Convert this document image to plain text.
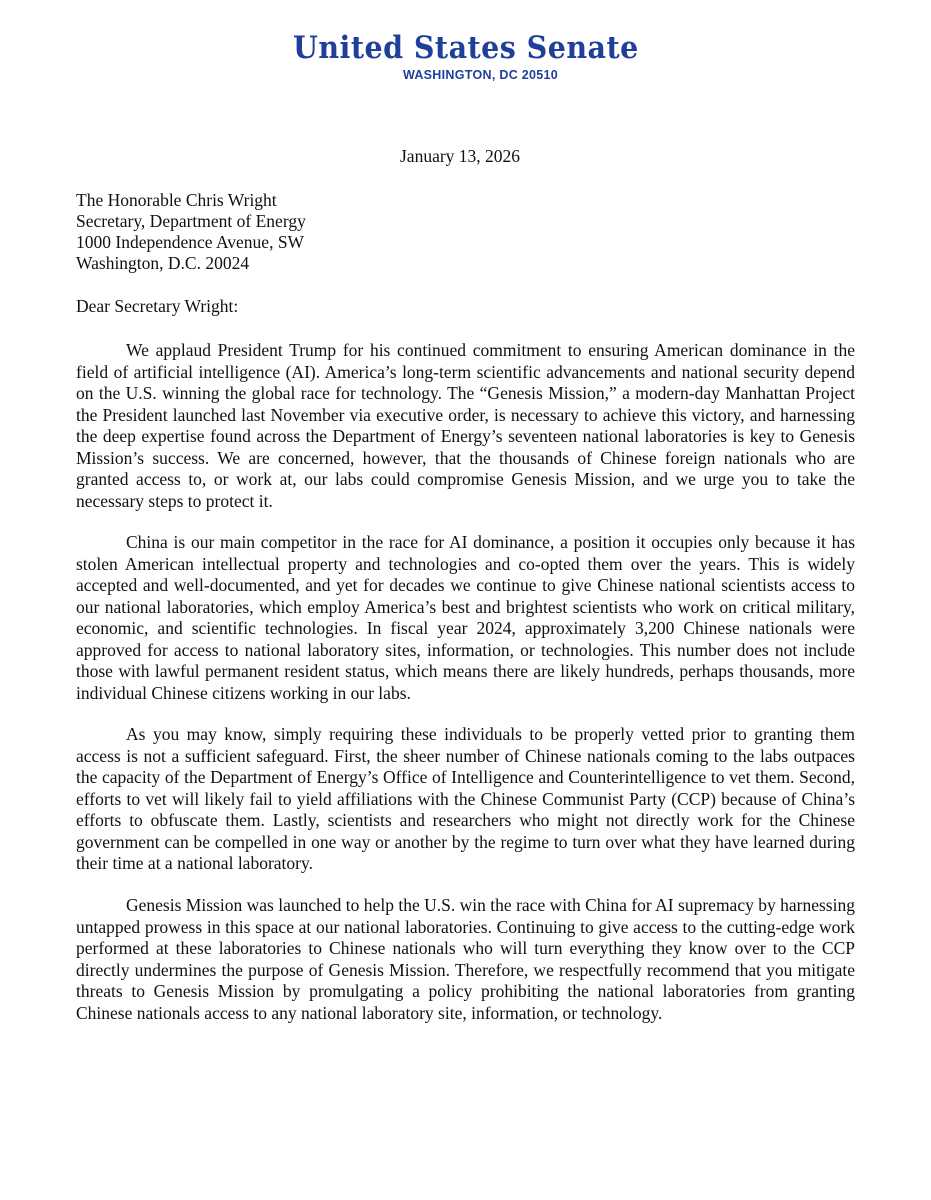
United States Senate
WASHINGTON, DC 20510
January 13, 2026
The Honorable Chris Wright
Secretary, Department of Energy
1000 Independence Avenue, SW
Washington, D.C. 20024
Dear Secretary Wright:

We applaud President Trump for his continued commitment to ensuring American dominance in the field of artificial intelligence (AI). America’s long-term scientific advancements and national security depend on the U.S. winning the global race for technology. The “Genesis Mission,” a modern-day Manhattan Project the President launched last November via executive order, is necessary to achieve this victory, and harnessing the deep expertise found across the Department of Energy’s seventeen national laboratories is key to Genesis Mission’s success. We are concerned, however, that the thousands of Chinese foreign nationals who are granted access to, or work at, our labs could compromise Genesis Mission, and we urge you to take the necessary steps to protect it.

China is our main competitor in the race for AI dominance, a position it occupies only because it has stolen American intellectual property and technologies and co-opted them over the years. This is widely accepted and well-documented, and yet for decades we continue to give Chinese national scientists access to our national laboratories, which employ America’s best and brightest scientists who work on critical military, economic, and scientific technologies. In fiscal year 2024, approximately 3,200 Chinese nationals were approved for access to national laboratory sites, information, or technologies. This number does not include those with lawful permanent resident status, which means there are likely hundreds, perhaps thousands, more individual Chinese citizens working in our labs.

As you may know, simply requiring these individuals to be properly vetted prior to granting them access is not a sufficient safeguard. First, the sheer number of Chinese nationals coming to the labs outpaces the capacity of the Department of Energy’s Office of Intelligence and Counterintelligence to vet them. Second, efforts to vet will likely fail to yield affiliations with the Chinese Communist Party (CCP) because of China’s efforts to obfuscate them. Lastly, scientists and researchers who might not directly work for the Chinese government can be compelled in one way or another by the regime to turn over what they have learned during their time at a national laboratory.

Genesis Mission was launched to help the U.S. win the race with China for AI supremacy by harnessing untapped prowess in this space at our national laboratories. Continuing to give access to the cutting-edge work performed at these laboratories to Chinese nationals who will turn everything they know over to the CCP directly undermines the purpose of Genesis Mission. Therefore, we respectfully recommend that you mitigate threats to Genesis Mission by promulgating a policy prohibiting the national laboratories from granting Chinese nationals access to any national laboratory site, information, or technology.
